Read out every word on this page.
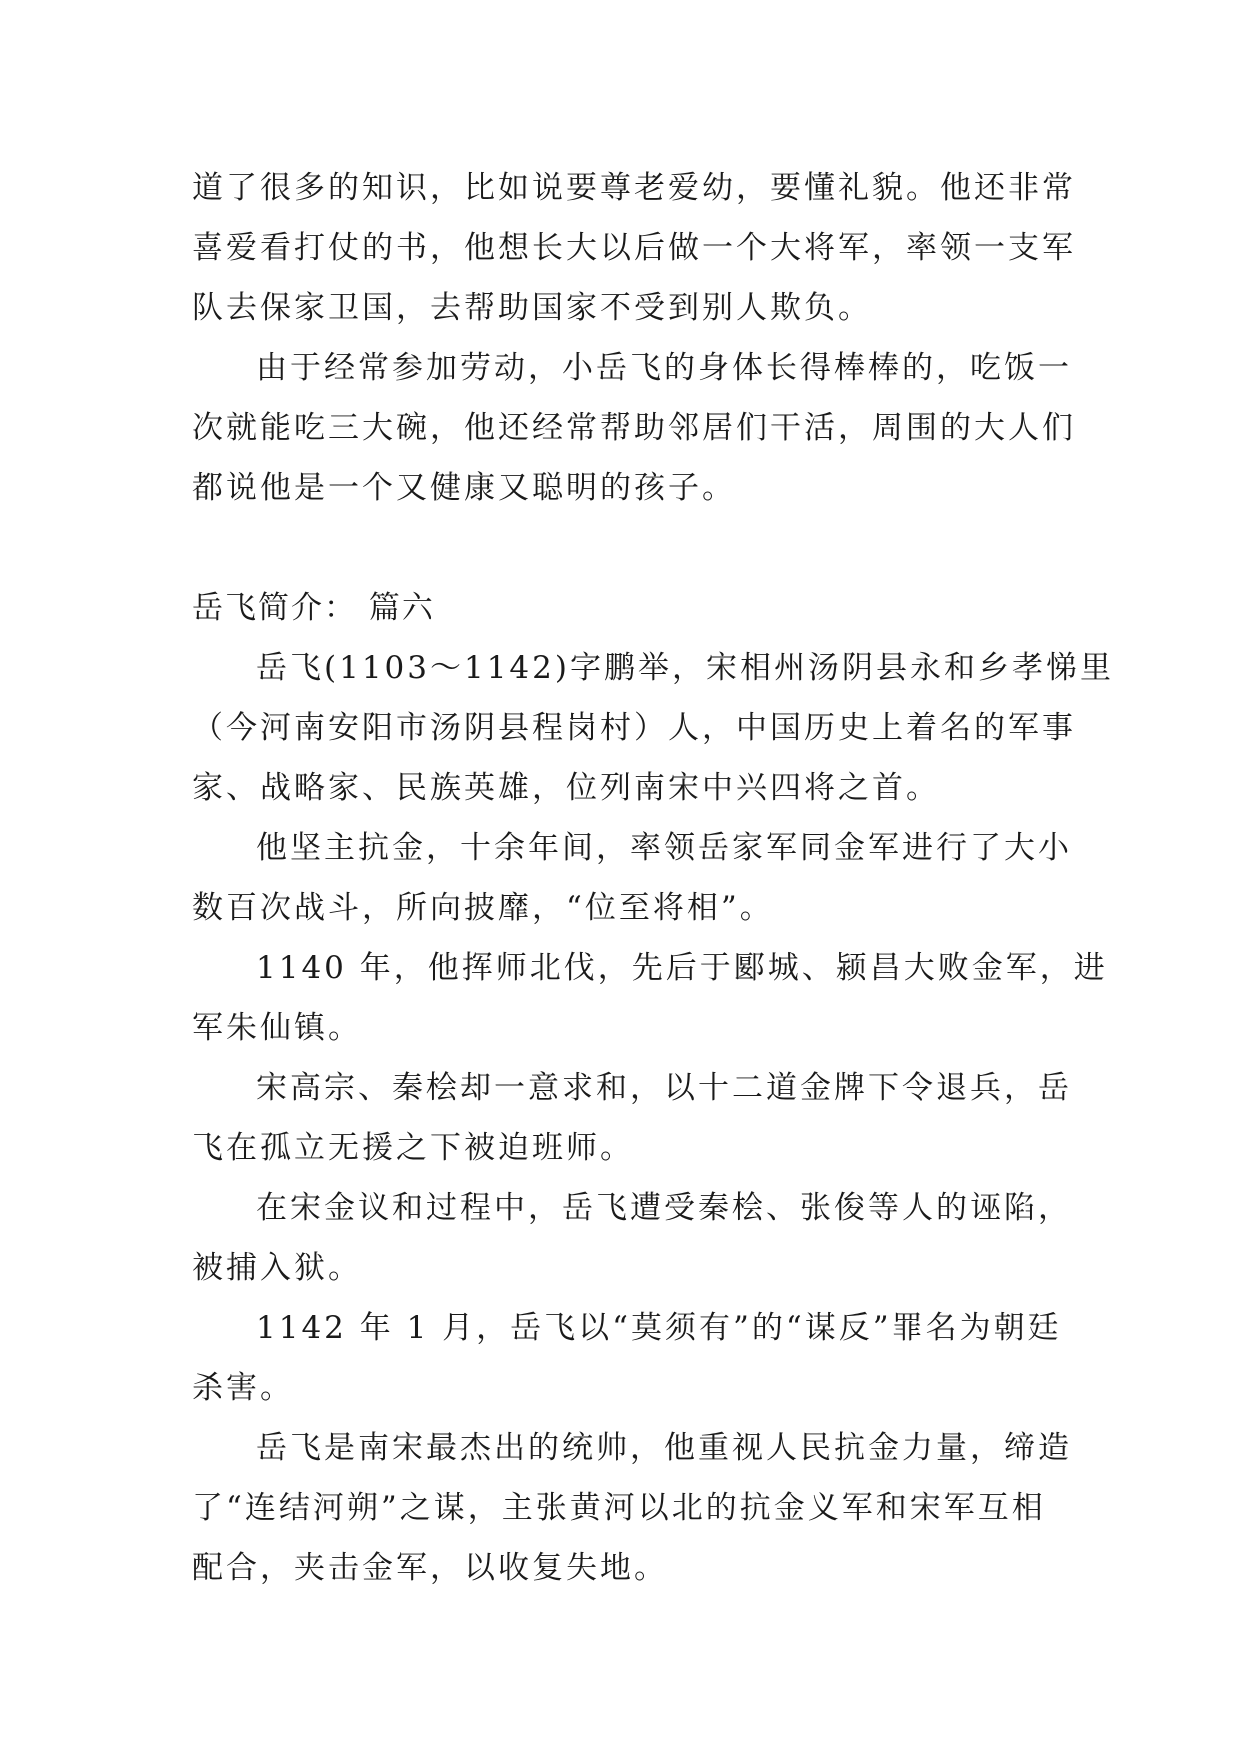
道了很多的知识，比如说要尊老爱幼，要懂礼貌。他还非常
喜爱看打仗的书，他想长大以后做一个大将军，率领一支军
队去保家卫国，去帮助国家不受到别人欺负。
由于经常参加劳动，小岳飞的身体长得棒棒的，吃饭一
次就能吃三大碗，他还经常帮助邻居们干活，周围的大人们
都说他是一个又健康又聪明的孩子。
岳飞简介： 篇六
岳飞(1103～1142)字鹏举，宋相州汤阴县永和乡孝悌里
（今河南安阳市汤阴县程岗村）人，中国历史上着名的军事
家、战略家、民族英雄，位列南宋中兴四将之首。
他坚主抗金，十余年间，率领岳家军同金军进行了大小
数百次战斗，所向披靡，“位至将相”。
1140 年，他挥师北伐，先后于郾城、颍昌大败金军，进
军朱仙镇。
宋高宗、秦桧却一意求和，以十二道金牌下令退兵，岳
飞在孤立无援之下被迫班师。
在宋金议和过程中，岳飞遭受秦桧、张俊等人的诬陷，
被捕入狱。
1142 年 1 月，岳飞以“莫须有”的“谋反”罪名为朝廷
杀害。
岳飞是南宋最杰出的统帅，他重视人民抗金力量，缔造
了“连结河朔”之谋，主张黄河以北的抗金义军和宋军互相
配合，夹击金军，以收复失地。
